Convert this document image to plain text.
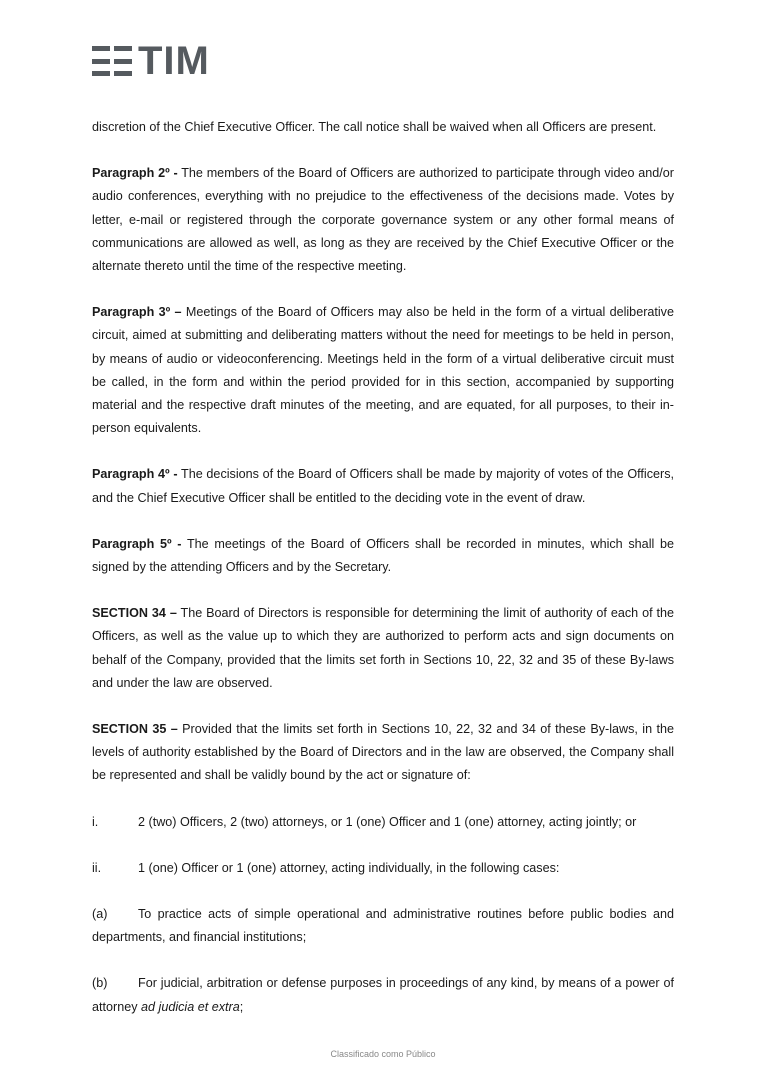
TIM

discretion of the Chief Executive Officer. The call notice shall be waived when all Officers are present.

Paragraph 2º - The members of the Board of Officers are authorized to participate through video and/or audio conferences, everything with no prejudice to the effectiveness of the decisions made. Votes by letter, e-mail or registered through the corporate governance system or any other formal means of communications are allowed as well, as long as they are received by the Chief Executive Officer or the alternate thereto until the time of the respective meeting.

Paragraph 3º – Meetings of the Board of Officers may also be held in the form of a virtual deliberative circuit, aimed at submitting and deliberating matters without the need for meetings to be held in person, by means of audio or videoconferencing. Meetings held in the form of a virtual deliberative circuit must be called, in the form and within the period provided for in this section, accompanied by supporting material and the respective draft minutes of the meeting, and are equated, for all purposes, to their in-person equivalents.

Paragraph 4º - The decisions of the Board of Officers shall be made by majority of votes of the Officers, and the Chief Executive Officer shall be entitled to the deciding vote in the event of draw.

Paragraph 5º - The meetings of the Board of Officers shall be recorded in minutes, which shall be signed by the attending Officers and by the Secretary.

SECTION 34 – The Board of Directors is responsible for determining the limit of authority of each of the Officers, as well as the value up to which they are authorized to perform acts and sign documents on behalf of the Company, provided that the limits set forth in Sections 10, 22, 32 and 35 of these By-laws and under the law are observed.

SECTION 35 – Provided that the limits set forth in Sections 10, 22, 32 and 34 of these By-laws, in the levels of authority established by the Board of Directors and in the law are observed, the Company shall be represented and shall be validly bound by the act or signature of:

i.	2 (two) Officers, 2 (two) attorneys, or 1 (one) Officer and 1 (one) attorney, acting jointly; or
ii.	1 (one) Officer or 1 (one) attorney, acting individually, in the following cases:

(a) To practice acts of simple operational and administrative routines before public bodies and departments, and financial institutions;

(b) For judicial, arbitration or defense purposes in proceedings of any kind, by means of a power of attorney ad judicia et extra;

Classificado como Público
